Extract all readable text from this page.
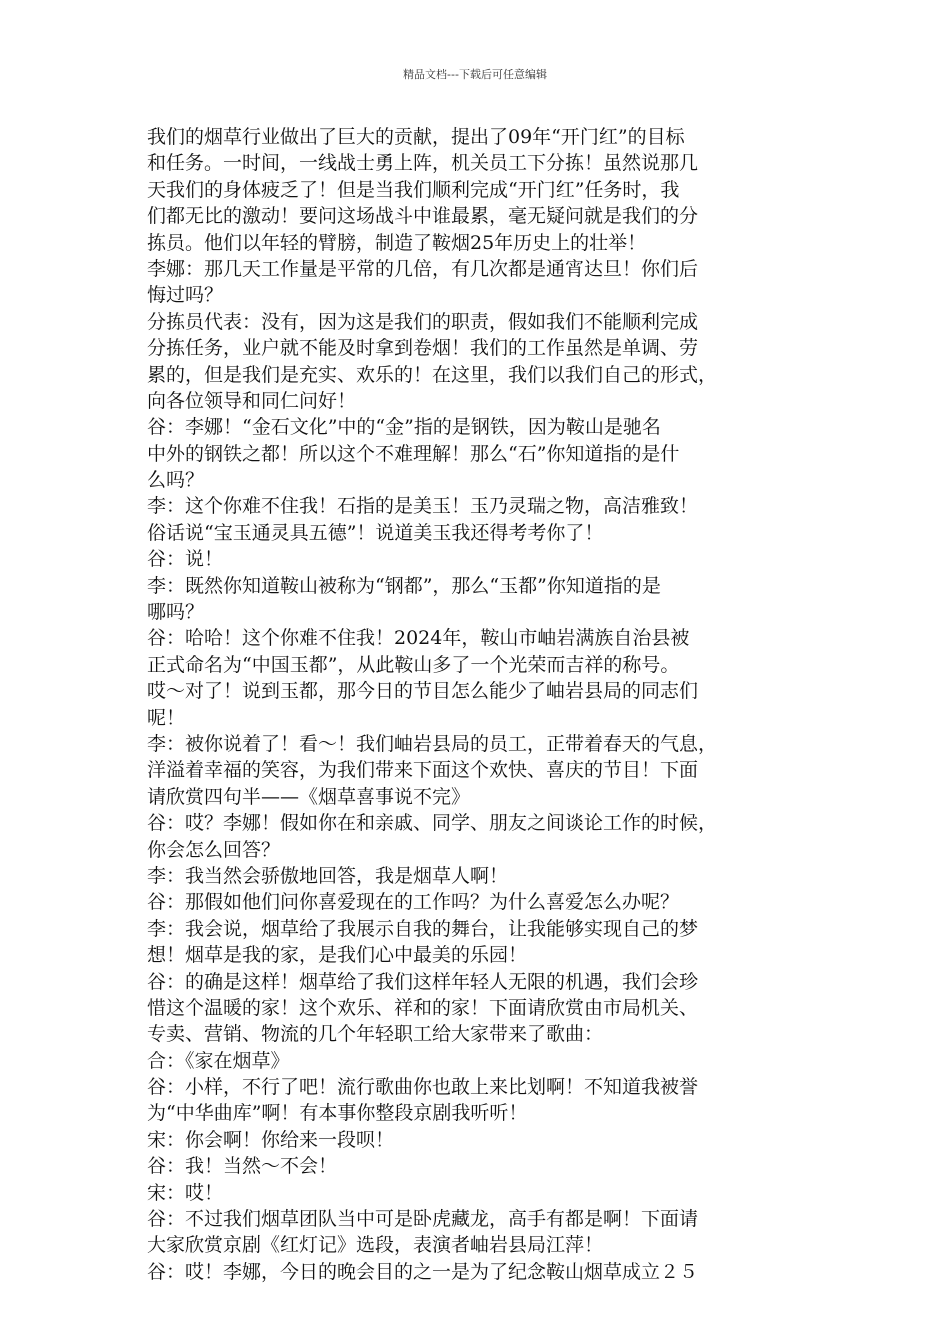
精品文档---下载后可任意编辑
我们的烟草行业做出了巨大的贡献，提出了09年“开门红”的目标
和任务。一时间，一线战士勇上阵，机关员工下分拣！虽然说那几
天我们的身体疲乏了！但是当我们顺利完成“开门红”任务时，我
们都无比的激动！要问这场战斗中谁最累，毫无疑问就是我们的分
拣员。他们以年轻的臂膀，制造了鞍烟25年历史上的壮举！
李娜：那几天工作量是平常的几倍，有几次都是通宵达旦！你们后
悔过吗？
分拣员代表：没有，因为这是我们的职责，假如我们不能顺利完成
分拣任务，业户就不能及时拿到卷烟！我们的工作虽然是单调、劳
累的，但是我们是充实、欢乐的！在这里，我们以我们自己的形式，
向各位领导和同仁问好！
谷：李娜！“金石文化”中的“金”指的是钢铁，因为鞍山是驰名
中外的钢铁之都！所以这个不难理解！那么“石”你知道指的是什
么吗？
李：这个你难不住我！石指的是美玉！玉乃灵瑞之物，高洁雅致！
俗话说“宝玉通灵具五德”！说道美玉我还得考考你了！
谷：说！
李：既然你知道鞍山被称为“钢都”，那么“玉都”你知道指的是
哪吗？
谷：哈哈！这个你难不住我！2024年，鞍山市岫岩满族自治县被
正式命名为“中国玉都”，从此鞍山多了一个光荣而吉祥的称号。
哎～对了！说到玉都，那今日的节目怎么能少了岫岩县局的同志们
呢！
李：被你说着了！看～！我们岫岩县局的员工，正带着春天的气息，
洋溢着幸福的笑容，为我们带来下面这个欢快、喜庆的节目！下面
请欣赏四句半——《烟草喜事说不完》
谷：哎？李娜！假如你在和亲戚、同学、朋友之间谈论工作的时候，
你会怎么回答？
李：我当然会骄傲地回答，我是烟草人啊！
谷：那假如他们问你喜爱现在的工作吗？为什么喜爱怎么办呢？
李：我会说，烟草给了我展示自我的舞台，让我能够实现自己的梦
想！烟草是我的家，是我们心中最美的乐园！
谷：的确是这样！烟草给了我们这样年轻人无限的机遇，我们会珍
惜这个温暖的家！这个欢乐、祥和的家！下面请欣赏由市局机关、
专卖、营销、物流的几个年轻职工给大家带来了歌曲：
合：《家在烟草》
谷：小样，不行了吧！流行歌曲你也敢上来比划啊！不知道我被誉
为“中华曲库”啊！有本事你整段京剧我听听！
宋：你会啊！你给来一段呗！
谷：我！当然～不会！
宋：哎！
谷：不过我们烟草团队当中可是卧虎藏龙，高手有都是啊！下面请
大家欣赏京剧《红灯记》选段，表演者岫岩县局江萍！
谷：哎！李娜，今日的晚会目的之一是为了纪念鞍山烟草成立２５
